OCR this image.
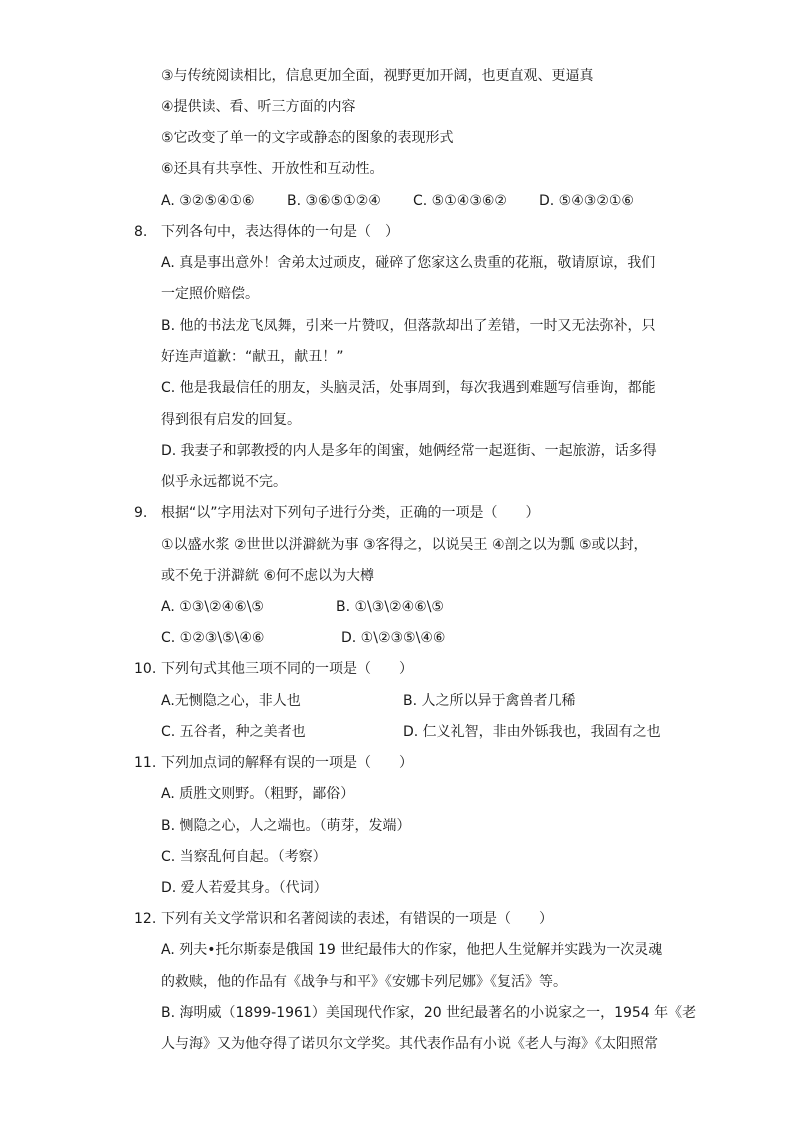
③与传统阅读相比，信息更加全面，视野更加开阔，也更直观、更逼真
④提供读、看、听三方面的内容
⑤它改变了单一的文字或静态的图象的表现形式
⑥还具有共享性、开放性和互动性。
A. ③②⑤④①⑥ B. ③⑥⑤①②④ C. ⑤①④③⑥② D. ⑤④③②①⑥
8. 下列各句中，表达得体的一句是（　）
A. 真是事出意外！舍弟太过顽皮，碰碎了您家这么贵重的花瓶，敬请原谅，我们
一定照价赔偿。
B. 他的书法龙飞凤舞，引来一片赞叹，但落款却出了差错，一时又无法弥补，只
好连声道歉：“献丑，献丑！”
C. 他是我最信任的朋友，头脑灵活，处事周到，每次我遇到难题写信垂询，都能
得到很有启发的回复。
D. 我妻子和郭教授的内人是多年的闺蜜，她俩经常一起逛街、一起旅游，话多得
似乎永远都说不完。
9. 根据“以”字用法对下列句子进行分类，正确的一项是（　　）
①以盛水浆 ②世世以洴澼絖为事 ③客得之，以说吴王 ④剖之以为瓢 ⑤或以封，
或不免于洴澼絖 ⑥何不虑以为大樽
A. ①③\②④⑥\⑤	B. ①\③\②④⑥\⑤
C. ①②③\⑤\④⑥	D. ①\②③⑤\④⑥
10. 下列句式其他三项不同的一项是（　　）
A.无恻隐之心，非人也	B. 人之所以异于禽兽者几稀
C. 五谷者，种之美者也	D. 仁义礼智，非由外铄我也，我固有之也
11. 下列加点词的解释有误的一项是（　　）
A. 质胜文则野。（粗野，鄙俗）
B. 恻隐之心，人之端也。（萌芽，发端）
C. 当察乱何自起。（考察）
D. 爱人若爱其身。（代词）
12. 下列有关文学常识和名著阅读的表述，有错误的一项是（　　）
A. 列夫•托尔斯泰是俄国 19 世纪最伟大的作家，他把人生觉解并实践为一次灵魂
的救赎，他的作品有《战争与和平》《安娜卡列尼娜》《复活》等。
B. 海明威（1899-1961）美国现代作家，20 世纪最著名的小说家之一，1954 年《老
人与海》又为他夺得了诺贝尔文学奖。其代表作品有小说《老人与海》《太阳照常
